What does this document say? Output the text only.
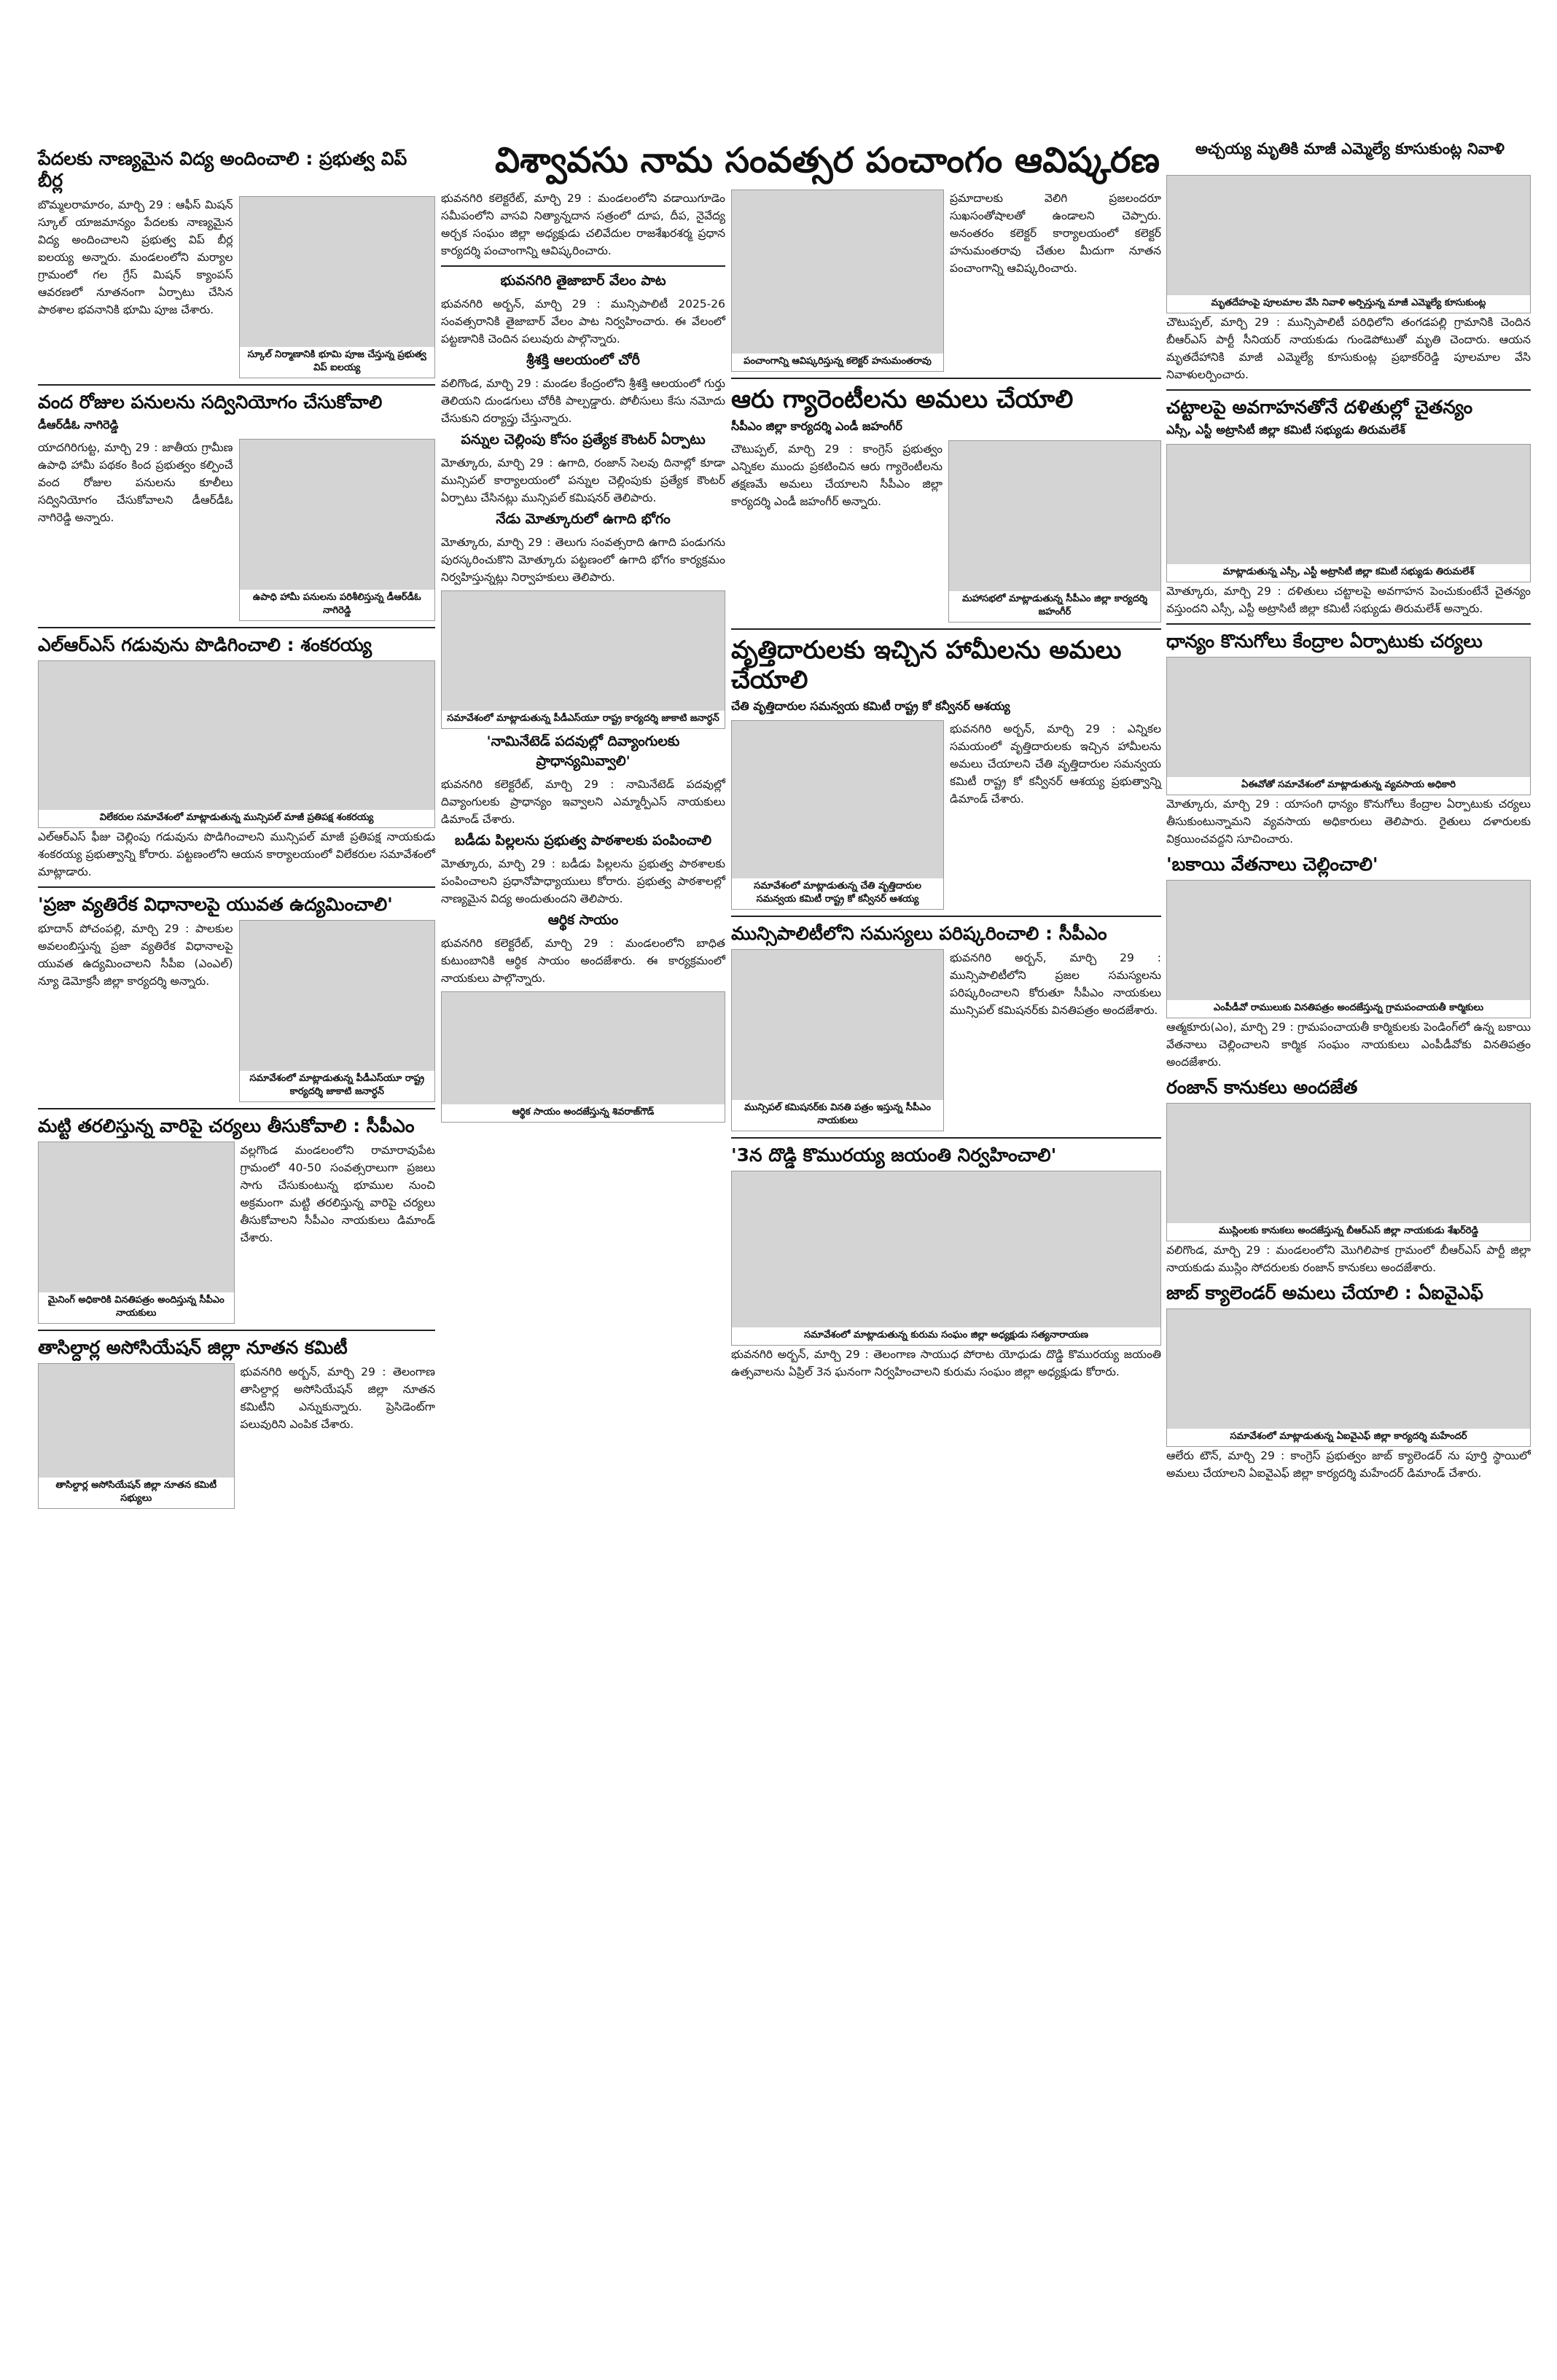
విశ్వావసు నామ సంవత్సర పంచాంగం ఆవిష్కరణ	అచ్చయ్య మృతికి మాజీ ఎమ్మెల్యే కూసుకుంట్ల నివాళి
పేదలకు నాణ్యమైన విద్య అందించాలి : ప్రభుత్వ విప్ బీర్ల

బొమ్మలరామారం, మార్చి 29 : ఆఫీస్ మిషన్ స్కూల్ యాజమాన్యం పేదలకు నాణ్యమైన విద్య అందించాలని ప్రభుత్వ విప్ బీర్ల ఐలయ్య అన్నారు. మండలంలోని మర్యాల గ్రామంలో గల గ్రేస్ మిషన్ క్యాంపస్ ఆవరణలో నూతనంగా ఏర్పాటు చేసిన పాఠశాల భవనానికి భూమి పూజ చేశారు.

స్కూల్ నిర్మాణానికి భూమి పూజ చేస్తున్న ప్రభుత్వ విప్ ఐలయ్య
వంద రోజుల పనులను సద్వినియోగం చేసుకోవాలి
డీఆర్‌డీఓ నాగిరెడ్డి

యాదగిరిగుట్ట, మార్చి 29 : జాతీయ గ్రామీణ ఉపాధి హామీ పథకం కింద ప్రభుత్వం కల్పించే వంద రోజుల పనులను కూలీలు సద్వినియోగం చేసుకోవాలని డీఆర్‌డీఓ నాగిరెడ్డి అన్నారు.

ఉపాధి హామీ పనులను పరిశీలిస్తున్న డీఆర్‌డీఓ నాగిరెడ్డి
ఎల్ఆర్ఎస్ గడువును పొడిగించాలి : శంకరయ్య
విలేకరుల సమావేశంలో మాట్లాడుతున్న మున్సిపల్ మాజీ ప్రతిపక్ష శంకరయ్య

ఎల్ఆర్ఎస్ ఫీజు చెల్లింపు గడువును పొడిగించాలని మున్సిపల్ మాజీ ప్రతిపక్ష నాయకుడు శంకరయ్య ప్రభుత్వాన్ని కోరారు. పట్టణంలోని ఆయన కార్యాలయంలో విలేకరుల సమావేశంలో మాట్లాడారు.

'ప్రజా వ్యతిరేక విధానాలపై యువత ఉద్యమించాలి'

భూదాన్ పోచంపల్లి, మార్చి 29 : పాలకుల అవలంబిస్తున్న ప్రజా వ్యతిరేక విధానాలపై యువత ఉద్యమించాలని సీపీఐ (ఎంఎల్) న్యూ డెమోక్రసీ జిల్లా కార్యదర్శి అన్నారు.

సమావేశంలో మాట్లాడుతున్న పీడీఎస్‌యూ రాష్ట్ర కార్యదర్శి జాకాటి జనార్ధన్
మట్టి తరలిస్తున్న వారిపై చర్యలు తీసుకోవాలి : సీపీఎం
మైనింగ్ అధికారికి వినతిపత్రం అందిస్తున్న సీపీఎం నాయకులు

వల్లగొండ మండలంలోని రామారావుపేట గ్రామంలో 40-50 సంవత్సరాలుగా ప్రజలు సాగు చేసుకుంటున్న భూముల నుంచి అక్రమంగా మట్టి తరలిస్తున్న వారిపై చర్యలు తీసుకోవాలని సీపీఎం నాయకులు డిమాండ్ చేశారు.

తాసిల్దార్ల అసోసియేషన్ జిల్లా నూతన కమిటీ
తాసిల్దార్ల అసోసియేషన్ జిల్లా నూతన కమిటీ సభ్యులు

భువనగిరి అర్బన్, మార్చి 29 : తెలంగాణ తాసిల్దార్ల అసోసియేషన్ జిల్లా నూతన కమిటీని ఎన్నుకున్నారు. ప్రెసిడెంట్‌గా పలువురిని ఎంపిక చేశారు.

భువనగిరి కలెక్టరేట్, మార్చి 29 : మండలంలోని వడాయిగూడెం సమీపంలోని వాసవి నిత్యాన్నదాన సత్రంలో దూప, దీప, నైవేద్య అర్చక సంఘం జిల్లా అధ్యక్షుడు చలివేదుల రాజశేఖరశర్మ ప్రధాన కార్యదర్శి పంచాంగాన్ని ఆవిష్కరించారు.

భువనగిరి తైజాబార్ వేలం పాట

భువనగిరి అర్బన్, మార్చి 29 : మున్సిపాలిటీ 2025-26 సంవత్సరానికి తైజాబార్ వేలం పాట నిర్వహించారు. ఈ వేలంలో పట్టణానికి చెందిన పలువురు పాల్గొన్నారు.

శ్రీశక్తి ఆలయంలో చోరీ

వలిగొండ, మార్చి 29 : మండల కేంద్రంలోని శ్రీశక్తి ఆలయంలో గుర్తు తెలియని దుండగులు చోరీకి పాల్పడ్డారు. పోలీసులు కేసు నమోదు చేసుకుని దర్యాప్తు చేస్తున్నారు.

పన్నుల చెల్లింపు కోసం ప్రత్యేక కౌంటర్ ఏర్పాటు

మోత్కూరు, మార్చి 29 : ఉగాది, రంజాన్ సెలవు దినాల్లో కూడా మున్సిపల్ కార్యాలయంలో పన్నుల చెల్లింపుకు ప్రత్యేక కౌంటర్ ఏర్పాటు చేసినట్లు మున్సిపల్ కమిషనర్ తెలిపారు.

నేడు మోత్కూరులో ఉగాది భోగం

మోత్కూరు, మార్చి 29 : తెలుగు సంవత్సరాది ఉగాది పండుగను పురస్కరించుకొని మోత్కూరు పట్టణంలో ఉగాది భోగం కార్యక్రమం నిర్వహిస్తున్నట్లు నిర్వాహకులు తెలిపారు.

సమావేశంలో మాట్లాడుతున్న పీడీఎస్‌యూ రాష్ట్ర కార్యదర్శి జాకాటి జనార్ధన్
'నామినేటెడ్ పదవుల్లో దివ్యాంగులకు ప్రాధాన్యమివ్వాలి'

భువనగిరి కలెక్టరేట్, మార్చి 29 : నామినేటెడ్ పదవుల్లో దివ్యాంగులకు ప్రాధాన్యం ఇవ్వాలని ఎమ్మార్పీఎస్ నాయకులు డిమాండ్ చేశారు.

బడీడు పిల్లలను ప్రభుత్వ పాఠశాలకు పంపించాలి

మోత్కూరు, మార్చి 29 : బడీడు పిల్లలను ప్రభుత్వ పాఠశాలకు పంపించాలని ప్రధానోపాధ్యాయులు కోరారు. ప్రభుత్వ పాఠశాలల్లో నాణ్యమైన విద్య అందుతుందని తెలిపారు.

ఆర్థిక సాయం

భువనగిరి కలెక్టరేట్, మార్చి 29 : మండలంలోని బాధిత కుటుంబానికి ఆర్థిక సాయం అందజేశారు. ఈ కార్యక్రమంలో నాయకులు పాల్గొన్నారు.

ఆర్థిక సాయం అందజేస్తున్న శివరాజ్‌గౌడ్
పంచాంగాన్ని ఆవిష్కరిస్తున్న కలెక్టర్ హనుమంతరావు

ప్రమాదాలకు వెలిగి ప్రజలందరూ సుఖసంతోషాలతో ఉండాలని చెప్పారు. అనంతరం కలెక్టర్ కార్యాలయంలో కలెక్టర్ హనుమంతరావు చేతుల మీదుగా నూతన పంచాంగాన్ని ఆవిష్కరించారు.

ఆరు గ్యారెంటీలను అమలు చేయాలి
సీపీఎం జిల్లా కార్యదర్శి ఎండీ జహంగీర్

చౌటుప్పల్, మార్చి 29 : కాంగ్రెస్ ప్రభుత్వం ఎన్నికల ముందు ప్రకటించిన ఆరు గ్యారెంటీలను తక్షణమే అమలు చేయాలని సీపీఎం జిల్లా కార్యదర్శి ఎండీ జహంగీర్ అన్నారు.

మహాసభలో మాట్లాడుతున్న సీపీఎం జిల్లా కార్యదర్శి జహంగీర్
వృత్తిదారులకు ఇచ్చిన హామీలను అమలు చేయాలి
చేతి వృత్తిదారుల సమన్వయ కమిటీ రాష్ట్ర కో కన్వీనర్ ఆశయ్య
సమావేశంలో మాట్లాడుతున్న చేతి వృత్తిదారుల సమన్వయ కమిటీ రాష్ట్ర కో కన్వీనర్ ఆశయ్య

భువనగిరి అర్బన్, మార్చి 29 : ఎన్నికల సమయంలో వృత్తిదారులకు ఇచ్చిన హామీలను అమలు చేయాలని చేతి వృత్తిదారుల సమన్వయ కమిటీ రాష్ట్ర కో కన్వీనర్ ఆశయ్య ప్రభుత్వాన్ని డిమాండ్ చేశారు.

మున్సిపాలిటీలోని సమస్యలు పరిష్కరించాలి : సీపీఎం
మున్సిపల్ కమిషనర్‌కు వినతి పత్రం ఇస్తున్న సీపీఎం నాయకులు

భువనగిరి అర్బన్, మార్చి 29 : మున్సిపాలిటీలోని ప్రజల సమస్యలను పరిష్కరించాలని కోరుతూ సీపీఎం నాయకులు మున్సిపల్ కమిషనర్‌కు వినతిపత్రం అందజేశారు.

'3న దొడ్డి కొమురయ్య జయంతి నిర్వహించాలి'
సమావేశంలో మాట్లాడుతున్న కురుమ సంఘం జిల్లా అధ్యక్షుడు సత్యనారాయణ

భువనగిరి అర్బన్, మార్చి 29 : తెలంగాణ సాయుధ పోరాట యోధుడు దొడ్డి కొమురయ్య జయంతి ఉత్సవాలను ఏప్రిల్ 3న ఘనంగా నిర్వహించాలని కురుమ సంఘం జిల్లా అధ్యక్షుడు కోరారు.

మృతదేహంపై పూలమాల వేసి నివాళి అర్పిస్తున్న మాజీ ఎమ్మెల్యే కూసుకుంట్ల

చౌటుప్పల్, మార్చి 29 : మున్సిపాలిటీ పరిధిలోని తంగడపల్లి గ్రామానికి చెందిన బీఆర్ఎస్ పార్టీ సీనియర్ నాయకుడు గుండెపోటుతో మృతి చెందారు. ఆయన మృతదేహానికి మాజీ ఎమ్మెల్యే కూసుకుంట్ల ప్రభాకర్‌రెడ్డి పూలమాల వేసి నివాళులర్పించారు.

చట్టాలపై అవగాహనతోనే దళితుల్లో చైతన్యం
ఎస్సీ, ఎస్టీ అట్రాసిటీ జిల్లా కమిటీ సభ్యుడు తిరుమలేశ్
మాట్లాడుతున్న ఎస్సీ, ఎస్టీ అట్రాసిటీ జిల్లా కమిటీ సభ్యుడు తిరుమలేశ్

మోత్కూరు, మార్చి 29 : దళితులు చట్టాలపై అవగాహన పెంచుకుంటేనే చైతన్యం వస్తుందని ఎస్సీ, ఎస్టీ అట్రాసిటీ జిల్లా కమిటీ సభ్యుడు తిరుమలేశ్ అన్నారు.

ధాన్యం కొనుగోలు కేంద్రాల ఏర్పాటుకు చర్యలు
ఏఈవోతో సమావేశంలో మాట్లాడుతున్న వ్యవసాయ అధికారి

మోత్కూరు, మార్చి 29 : యాసంగి ధాన్యం కొనుగోలు కేంద్రాల ఏర్పాటుకు చర్యలు తీసుకుంటున్నామని వ్యవసాయ అధికారులు తెలిపారు. రైతులు దళారులకు విక్రయించవద్దని సూచించారు.

'బకాయి వేతనాలు చెల్లించాలి'
ఎంపీడీవో రాములుకు వినతిపత్రం అందజేస్తున్న గ్రామపంచాయతీ కార్మికులు

ఆత్మకూరు(ఎం), మార్చి 29 : గ్రామపంచాయతీ కార్మికులకు పెండింగ్‌లో ఉన్న బకాయి వేతనాలు చెల్లించాలని కార్మిక సంఘం నాయకులు ఎంపీడీవోకు వినతిపత్రం అందజేశారు.

రంజాన్ కానుకలు అందజేత
ముస్లింలకు కానుకలు అందజేస్తున్న బీఆర్ఎస్ జిల్లా నాయకుడు శేఖర్‌రెడ్డి

వలిగొండ, మార్చి 29 : మండలంలోని మొగిలిపాక గ్రామంలో బీఆర్ఎస్ పార్టీ జిల్లా నాయకుడు ముస్లిం సోదరులకు రంజాన్ కానుకలు అందజేశారు.

జాబ్ క్యాలెండర్ అమలు చేయాలి : ఏఐవైఎఫ్
సమావేశంలో మాట్లాడుతున్న ఏఐవైఎఫ్ జిల్లా కార్యదర్శి మహేందర్

ఆలేరు టౌన్, మార్చి 29 : కాంగ్రెస్ ప్రభుత్వం జాబ్ క్యాలెండర్ ను పూర్తి స్థాయిలో అమలు చేయాలని ఏఐవైఎఫ్ జిల్లా కార్యదర్శి మహేందర్ డిమాండ్ చేశారు.
